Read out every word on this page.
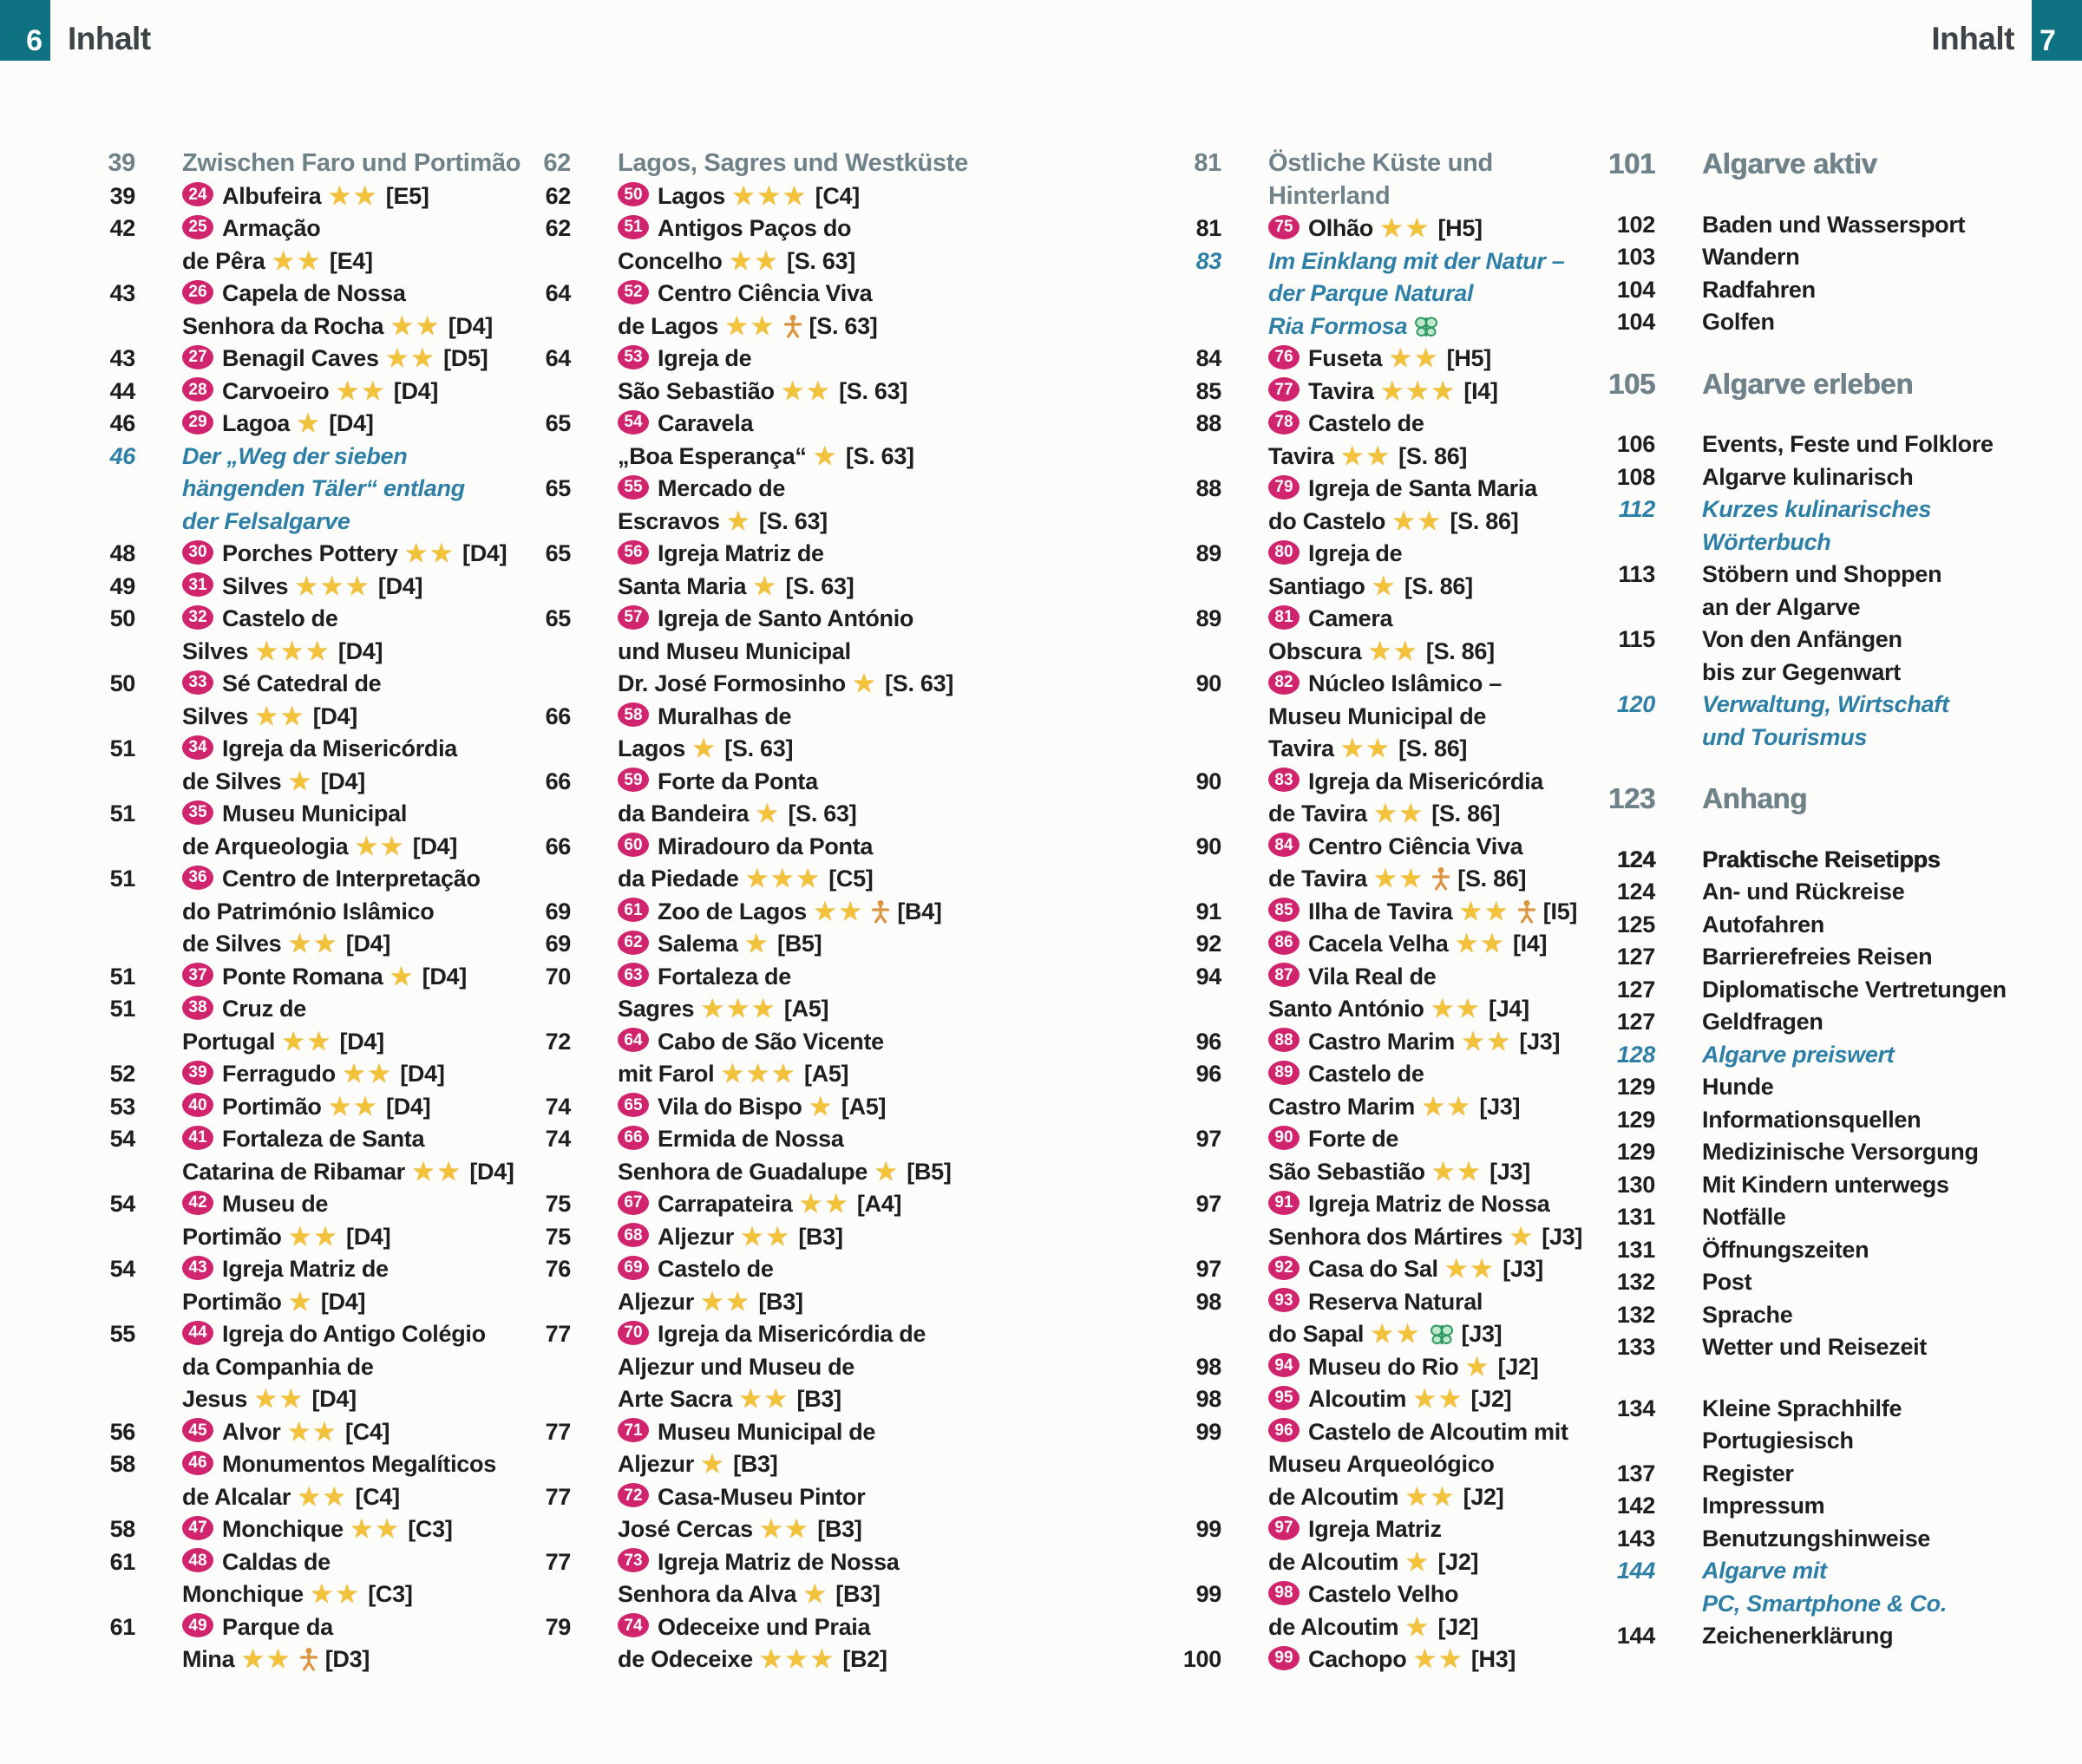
6 Inhalt	Inhalt 7
39 Zwischen Faro und Portimão
39	24 Albufeira ★★ [E5]
42	25 Armação
de Pêra ★★ [E4]
43	26 Capela de Nossa
Senhora da Rocha ★★ [D4]
43	27 Benagil Caves ★★ [D5]
44	28 Carvoeiro ★★ [D4]
46	29 Lagoa ★ [D4]
46 Der „Weg der sieben
hängenden Täler“ entlang
der Felsalgarve
48	30 Porches Pottery ★★ [D4]
49	31 Silves ★★★ [D4]
50	32 Castelo de
Silves ★★★ [D4]
50	33 Sé Catedral de
Silves ★★ [D4]
51	34 Igreja da Misericórdia
de Silves ★ [D4]
51	35 Museu Municipal
de Arqueologia ★★ [D4]
51	36 Centro de Interpretação
do Património Islâmico
de Silves ★★ [D4]
51	37 Ponte Romana ★ [D4]
51	38 Cruz de
Portugal ★★ [D4]
52	39 Ferragudo ★★ [D4]
53	40 Portimão ★★ [D4]
54	41 Fortaleza de Santa
Catarina de Ribamar ★★ [D4]
54	42 Museu de
Portimão ★★ [D4]
54	43 Igreja Matriz de
Portimão ★ [D4]
55	44 Igreja do Antigo Colégio
da Companhia de
Jesus ★★ [D4]
56	45 Alvor ★★ [C4]
58	46 Monumentos Megalíticos
de Alcalar ★★ [C4]
58	47 Monchique ★★ [C3]
61	48 Caldas de
Monchique ★★ [C3]
61	49 Parque da
Mina ★★ [D3]
62 Lagos, Sagres und Westküste
62	50 Lagos ★★★ [C4]
62	51 Antigos Paços do
Concelho ★★ [S. 63]
64	52 Centro Ciência Viva
de Lagos ★★ [S. 63]
64	53 Igreja de
São Sebastião ★★ [S. 63]
65	54 Caravela
„Boa Esperança“ ★ [S. 63]
65	55 Mercado de
Escravos ★ [S. 63]
65	56 Igreja Matriz de
Santa Maria ★ [S. 63]
65	57 Igreja de Santo António
und Museu Municipal
Dr. José Formosinho ★ [S. 63]
66	58 Muralhas de
Lagos ★ [S. 63]
66	59 Forte da Ponta
da Bandeira ★ [S. 63]
66	60 Miradouro da Ponta
da Piedade ★★★ [C5]
69	61 Zoo de Lagos ★★ [B4]
69	62 Salema ★ [B5]
70	63 Fortaleza de
Sagres ★★★ [A5]
72	64 Cabo de São Vicente
mit Farol ★★★ [A5]
74	65 Vila do Bispo ★ [A5]
74	66 Ermida de Nossa
Senhora de Guadalupe ★ [B5]
75	67 Carrapateira ★★ [A4]
75	68 Aljezur ★★ [B3]
76	69 Castelo de
Aljezur ★★ [B3]
77	70 Igreja da Misericórdia de
Aljezur und Museu de
Arte Sacra ★★ [B3]
77	71 Museu Municipal de
Aljezur ★ [B3]
77	72 Casa-Museu Pintor
José Cercas ★★ [B3]
77	73 Igreja Matriz de Nossa
Senhora da Alva ★ [B3]
79	74 Odeceixe und Praia
de Odeceixe ★★★ [B2]
81 Östliche Küste und
Hinterland
81	75 Olhão ★★ [H5]
83 Im Einklang mit der Natur –
der Parque Natural
Ria Formosa
84	76 Fuseta ★★ [H5]
85	77 Tavira ★★★ [I4]
88	78 Castelo de
Tavira ★★ [S. 86]
88	79 Igreja de Santa Maria
do Castelo ★★ [S. 86]
89	80 Igreja de
Santiago ★ [S. 86]
89	81 Camera
Obscura ★★ [S. 86]
90	82 Núcleo Islâmico –
Museu Municipal de
Tavira ★★ [S. 86]
90	83 Igreja da Misericórdia
de Tavira ★★ [S. 86]
90	84 Centro Ciência Viva
de Tavira ★★ [S. 86]
91	85 Ilha de Tavira ★★ [I5]
92	86 Cacela Velha ★★ [I4]
94	87 Vila Real de
Santo António ★★ [J4]
96	88 Castro Marim ★★ [J3]
96	89 Castelo de
Castro Marim ★★ [J3]
97	90 Forte de
São Sebastião ★★ [J3]
97	91 Igreja Matriz de Nossa
Senhora dos Mártires ★ [J3]
97	92 Casa do Sal ★★ [J3]
98	93 Reserva Natural
do Sapal ★★ [J3]
98	94 Museu do Rio ★ [J2]
98	95 Alcoutim ★★ [J2]
99	96 Castelo de Alcoutim mit
Museu Arqueológico
de Alcoutim ★★ [J2]
99	97 Igreja Matriz
de Alcoutim ★ [J2]
99	98 Castelo Velho
de Alcoutim ★ [J2]
100	99 Cachopo ★★ [H3]
101 Algarve aktiv
102 Baden und Wassersport
103 Wandern
104 Radfahren
104 Golfen
105 Algarve erleben
106 Events, Feste und Folklore
108 Algarve kulinarisch
112 Kurzes kulinarisches
Wörterbuch
113 Stöbern und Shoppen
an der Algarve
115 Von den Anfängen
bis zur Gegenwart
120 Verwaltung, Wirtschaft
und Tourismus
123 Anhang
124 Praktische Reisetipps
124 An- und Rückreise
125 Autofahren
127 Barrierefreies Reisen
127 Diplomatische Vertretungen
127 Geldfragen
128 Algarve preiswert
129 Hunde
129 Informationsquellen
129 Medizinische Versorgung
130 Mit Kindern unterwegs
131 Notfälle
131 Öffnungszeiten
132 Post
132 Sprache
133 Wetter und Reisezeit
134 Kleine Sprachhilfe
Portugiesisch
137 Register
142 Impressum
143 Benutzungshinweise
144 Algarve mit
PC, Smartphone & Co.
144 Zeichenerklärung
